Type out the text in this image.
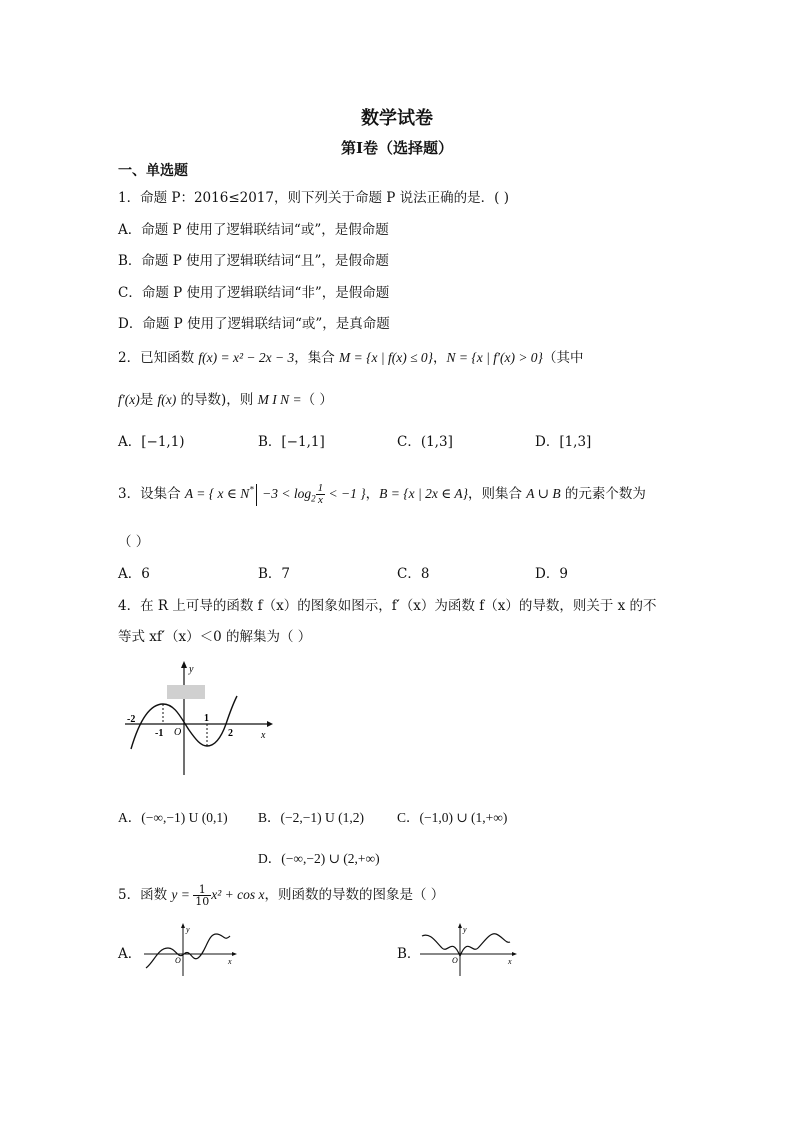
数学试卷
第Ⅰ卷（选择题）
一、单选题
1．命题 P：2016≤2017，则下列关于命题 P 说法正确的是．( )
A．命题 P 使用了逻辑联结词“或”，是假命题
B．命题 P 使用了逻辑联结词“且”，是假命题
C．命题 P 使用了逻辑联结词“非”，是假命题
D．命题 P 使用了逻辑联结词“或”，是真命题
2．已知函数 f(x) = x² − 2x − 3，集合 M = {x | f(x) ≤ 0}，N = {x | f′(x) > 0}（其中
f′(x)是 f(x) 的导数)，则 M Ι N =（ ）
A．[−1,1)	B．[−1,1]	C．(1,3]	D．[1,3]
3．设集合 A = { x ∈ $N^* -3 < \log_2 \frac{1}{x} < -1$ }，B = {x | 2x ∈ A}，则集合 A ∪ B 的元素个数为
（ ）
A．6	B．7	C．8	D．9
4．在 R 上可导的函数 f（x）的图象如图示，f′（x）为函数 f（x）的导数，则关于 x 的不
等式 xf′（x）＜0 的解集为（ ）
y
x
O
-2
-1
1
2
A．(−∞,−1) U (0,1) B．(−2,−1) U (1,2) C．(−1,0) ∪ (1,+∞)
D．(−∞,−2) ∪ (2,+∞)
5．函数 $y = \frac{1}{10} x^2 + \cos x$，则函数的导数的图象是（ ）
A．
y
x
O	B．
y
x
O
